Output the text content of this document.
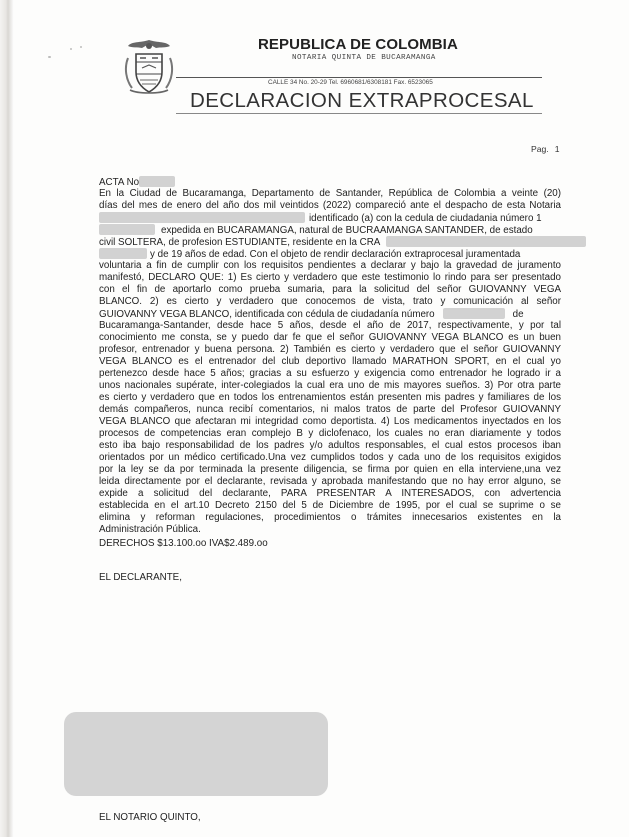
REPUBLICA DE COLOMBIA
NOTARIA QUINTA DE BUCARAMANGA
CALLE 34 No. 20-29 Tel. 6960681/6308181 Fax. 6523065
DECLARACION EXTRAPROCESAL
Pag. 1
ACTA No
En la Ciudad de Bucaramanga, Departamento de Santander, República de Colombia a veinte (20)
días del mes de enero del año dos mil veintidos (2022) compareció ante el despacho de esta Notaria
identificado (a) con la cedula de ciudadania número 1
expedida en BUCARAMANGA, natural de BUCRAAMANGA SANTANDER, de estado
civil SOLTERA, de profesion ESTUDIANTE, residente en la CRA
y de 19 años de edad. Con el objeto de rendir declaración extraprocesal juramentada
voluntaria a fin de cumplir con los requisitos pendientes a declarar y bajo la gravedad de juramento
manifestó, DECLARO QUE: 1) Es cierto y verdadero que este testimonio lo rindo para ser presentado
con el fin de aportarlo como prueba sumaria, para la solicitud del señor GUIOVANNY VEGA
BLANCO. 2) es cierto y verdadero que conocemos de vista, trato y comunicación al señor
GUIOVANNY VEGA BLANCO, identificada con cédula de ciudadanía número	de
Bucaramanga-Santander, desde hace 5 años, desde el año de 2017, respectivamente, y por tal
conocimiento me consta, se y puedo dar fe que el señor GUIOVANNY VEGA BLANCO es un buen
profesor, entrenador y buena persona. 2) También es cierto y verdadero que el señor GUIOVANNY
VEGA BLANCO es el entrenador del club deportivo llamado MARATHON SPORT, en el cual yo
pertenezco desde hace 5 años; gracias a su esfuerzo y exigencia como entrenador he logrado ir a
unos nacionales supérate, inter-colegiados la cual era uno de mis mayores sueños. 3) Por otra parte
es cierto y verdadero que en todos los entrenamientos están presenten mis padres y familiares de los
demás compañeros, nunca recibí comentarios, ni malos tratos de parte del Profesor GUIOVANNY
VEGA BLANCO que afectaran mi integridad como deportista. 4) Los medicamentos inyectados en los
procesos de competencias eran complejo B y diclofenaco, los cuales no eran diariamente y todos
esto iba bajo responsabilidad de los padres y/o adultos responsables, el cual estos procesos iban
orientados por un médico certificado.Una vez cumplidos todos y cada uno de los requisitos exigidos
por la ley se da por terminada la presente diligencia, se firma por quien en ella interviene,una vez
leida directamente por el declarante, revisada y aprobada manifestando que no hay error alguno, se
expide a solicitud del declarante, PARA PRESENTAR A INTERESADOS, con advertencia
establecida en el art.10 Decreto 2150 del 5 de Diciembre de 1995, por el cual se suprime o se
elimina y reforman regulaciones, procedimientos o trámites innecesarios existentes en la
Administración Pública.
DERECHOS $13.100.oo IVA$2.489.oo
EL DECLARANTE,
EL NOTARIO QUINTO,
